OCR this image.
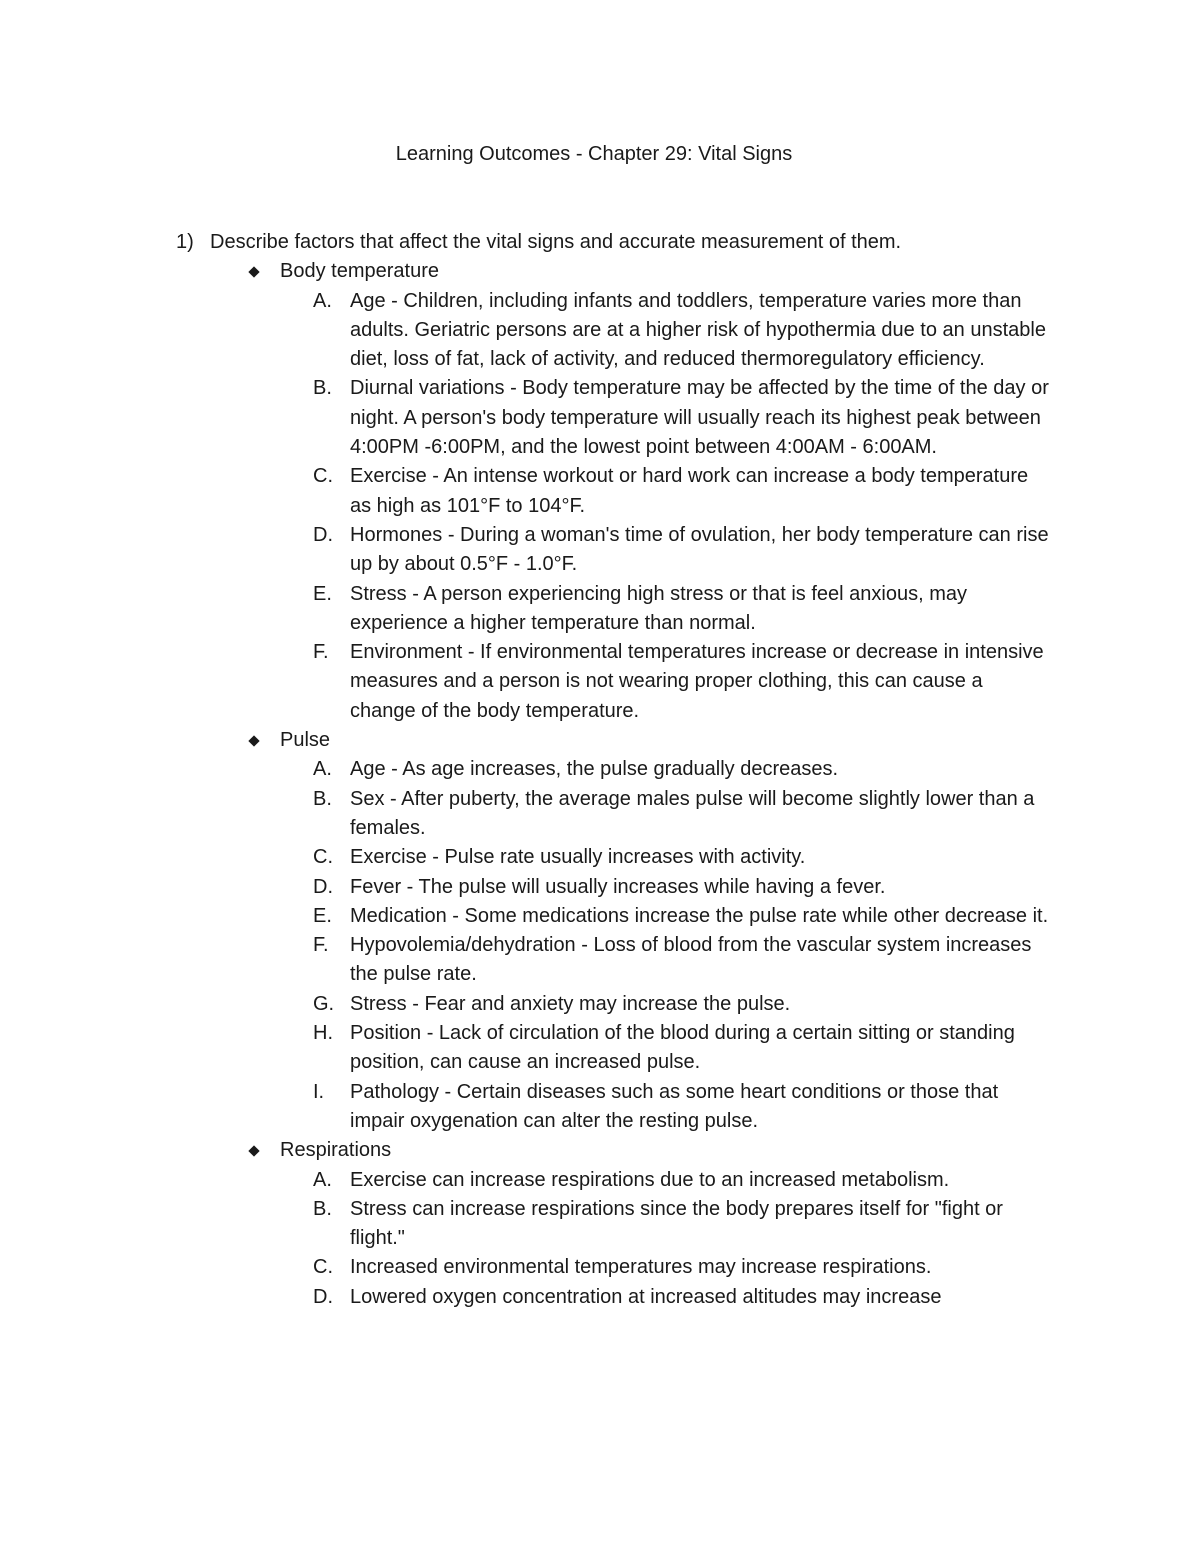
Learning Outcomes - Chapter 29: Vital Signs
1) Describe factors that affect the vital signs and accurate measurement of them.
Body temperature
A. Age - Children, including infants and toddlers, temperature varies more than adults. Geriatric persons are at a higher risk of hypothermia due to an unstable diet, loss of fat, lack of activity, and reduced thermoregulatory efficiency.
B. Diurnal variations - Body temperature may be affected by the time of the day or night. A person's body temperature will usually reach its highest peak between 4:00PM -6:00PM, and the lowest point between 4:00AM - 6:00AM.
C. Exercise - An intense workout or hard work can increase a body temperature as high as 101°F to 104°F.
D. Hormones - During a woman's time of ovulation, her body temperature can rise up by about 0.5°F - 1.0°F.
E. Stress - A person experiencing high stress or that is feel anxious, may experience a higher temperature than normal.
F. Environment - If environmental temperatures increase or decrease in intensive measures and a person is not wearing proper clothing, this can cause a change of the body temperature.
Pulse
A. Age - As age increases, the pulse gradually decreases.
B. Sex - After puberty, the average males pulse will become slightly lower than a females.
C. Exercise - Pulse rate usually increases with activity.
D. Fever - The pulse will usually increases while having a fever.
E. Medication - Some medications increase the pulse rate while other decrease it.
F. Hypovolemia/dehydration - Loss of blood from the vascular system increases the pulse rate.
G. Stress - Fear and anxiety may increase the pulse.
H. Position - Lack of circulation of the blood during a certain sitting or standing position, can cause an increased pulse.
I. Pathology - Certain diseases such as some heart conditions or those that impair oxygenation can alter the resting pulse.
Respirations
A. Exercise can increase respirations due to an increased metabolism.
B. Stress can increase respirations since the body prepares itself for "fight or flight."
C. Increased environmental temperatures may increase respirations.
D. Lowered oxygen concentration at increased altitudes may increase
